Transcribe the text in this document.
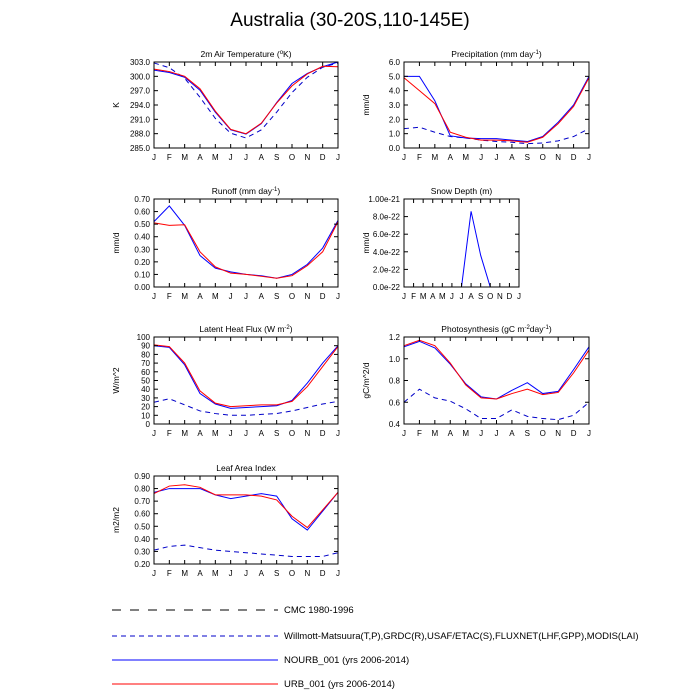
Australia (30-20S,110-145E)
2m Air Temperature ($^o$K)
K
J F M A M J J A S O N D J
285.0
288.0
291.0
294.0
297.0
300.0
303.0
Precipitation (mm day$^{-1}$)
mm/d
J F M A M J J A S O N D J
0.0
1.0
2.0
3.0
4.0
5.0
6.0
Runoff (mm day$^{-1}$)
mm/d
J F M A M J J A S O N D J
0.00
0.10
0.20
0.30
0.40
0.50
0.60
0.70
Snow Depth (m)
mm/d
J F M A M J J A S O N D J
0.0e-22
2.0e-22
4.0e-22
6.0e-22
8.0e-22
1.00e-21
Latent Heat Flux (W $m^{-2}$)
W/m^2
J F M A M J J A S O N D J
0
10
20
30
40
50
60
70
80
90
100
Photosynthesis (gC $m^{-2}day^{-1}$)
gC/m^2/d
J F M A M J J A S O N D J
0.4
0.6
0.8
1.0
1.2
Leaf Area Index
m2/m2
J F M A M J J A S O N D J
0.20
0.30
0.40
0.50
0.60
0.70
0.80
0.90
CMC 1980-1996
Willmott-Matsuura(T,P),GRDC(R),USAF/ETAC(S),FLUXNET(LHF,GPP),MODIS(LAI)
NOURB_001 (yrs 2006-2014)
URB_001 (yrs 2006-2014)
